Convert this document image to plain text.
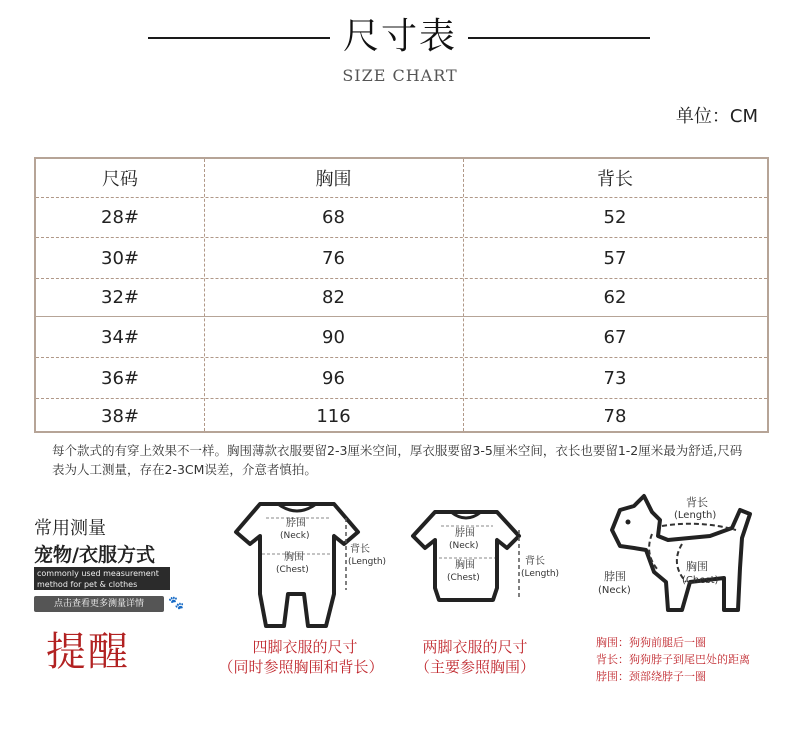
尺寸表
SIZE CHART
单位：CM
尺码	胸围	背长
28#	68	52
30#	76	57
32#	82	62
34#	90	67
36#	96	73
38#	116	78
每个款式的有穿上效果不一样。胸围薄款衣服要留2-3厘米空间，厚衣服要留3-5厘米空间，衣长也要留1-2厘米最为舒适,尺码表为人工测量，存在2-3CM误差，介意者慎拍。
常用测量
宠物/衣服方式
commonly used measurement method for pet & clothes
点击查看更多测量详情	🐾
提醒
脖围
(Neck)
胸围
(Chest)
背长
(Length)
四脚衣服的尺寸
（同时参照胸围和背长）
脖围
(Neck)
胸围
(Chest)
背长
(Length)
两脚衣服的尺寸
（主要参照胸围）
背长
(Length)
胸围
(Chest)
脖围
(Neck)
胸围：狗狗前腿后一圈
背长：狗狗脖子到尾巴处的距离
脖围：颈部绕脖子一圈
